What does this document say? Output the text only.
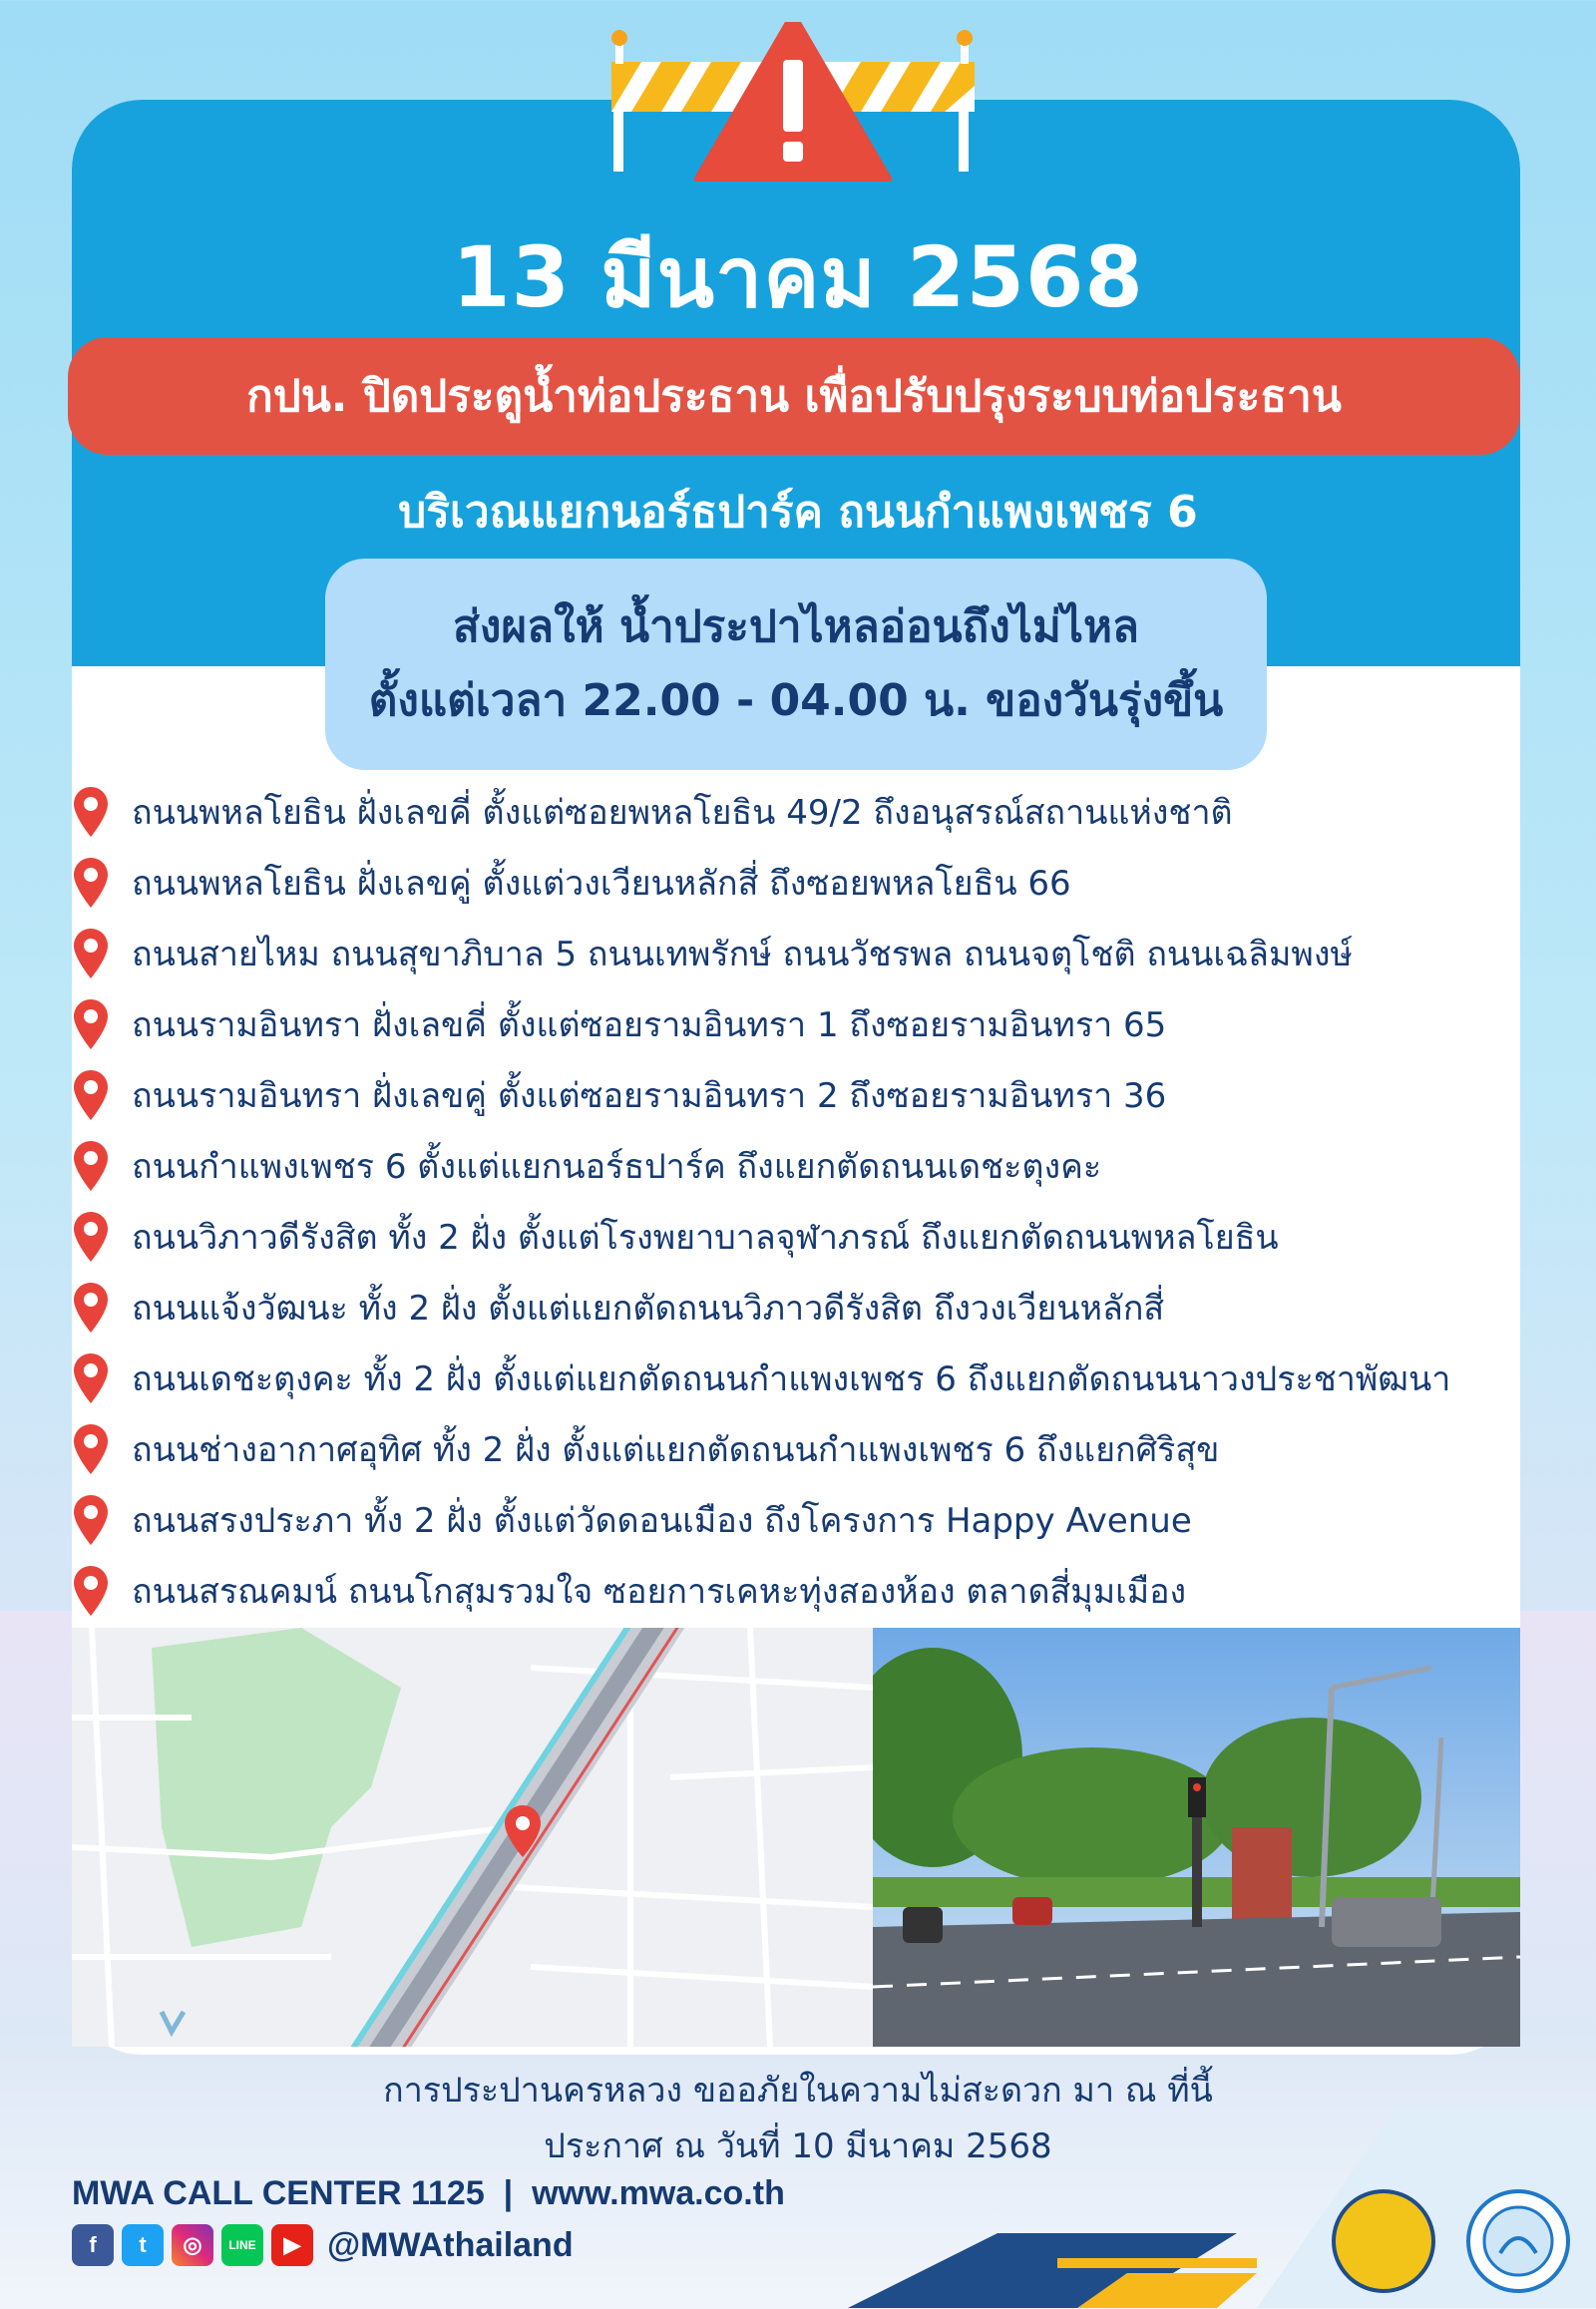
13 มีนาคม 2568
กปน. ปิดประตูน้ำท่อประธาน เพื่อปรับปรุงระบบท่อประธาน
บริเวณแยกนอร์ธปาร์ค ถนนกำแพงเพชร 6
ส่งผลให้ น้ำประปาไหลอ่อนถึงไม่ไหล
ตั้งแต่เวลา 22.00 - 04.00 น. ของวันรุ่งขึ้น
ถนนพหลโยธิน ฝั่งเลขคี่ ตั้งแต่ซอยพหลโยธิน 49/2 ถึงอนุสรณ์สถานแห่งชาติ
ถนนพหลโยธิน ฝั่งเลขคู่ ตั้งแต่วงเวียนหลักสี่ ถึงซอยพหลโยธิน 66
ถนนสายไหม ถนนสุขาภิบาล 5 ถนนเทพรักษ์ ถนนวัชรพล ถนนจตุโชติ ถนนเฉลิมพงษ์
ถนนรามอินทรา ฝั่งเลขคี่ ตั้งแต่ซอยรามอินทรา 1 ถึงซอยรามอินทรา 65
ถนนรามอินทรา ฝั่งเลขคู่ ตั้งแต่ซอยรามอินทรา 2 ถึงซอยรามอินทรา 36
ถนนกำแพงเพชร 6 ตั้งแต่แยกนอร์ธปาร์ค ถึงแยกตัดถนนเดชะตุงคะ
ถนนวิภาวดีรังสิต ทั้ง 2 ฝั่ง ตั้งแต่โรงพยาบาลจุฬาภรณ์ ถึงแยกตัดถนนพหลโยธิน
ถนนแจ้งวัฒนะ ทั้ง 2 ฝั่ง ตั้งแต่แยกตัดถนนวิภาวดีรังสิต ถึงวงเวียนหลักสี่
ถนนเดชะตุงคะ ทั้ง 2 ฝั่ง ตั้งแต่แยกตัดถนนกำแพงเพชร 6 ถึงแยกตัดถนนนาวงประชาพัฒนา
ถนนช่างอากาศอุทิศ ทั้ง 2 ฝั่ง ตั้งแต่แยกตัดถนนกำแพงเพชร 6 ถึงแยกศิริสุข
ถนนสรงประภา ทั้ง 2 ฝั่ง ตั้งแต่วัดดอนเมือง ถึงโครงการ Happy Avenue
ถนนสรณคมน์ ถนนโกสุมรวมใจ ซอยการเคหะทุ่งสองห้อง ตลาดสี่มุมเมือง
การประปานครหลวง ขออภัยในความไม่สะดวก มา ณ ที่นี้
ประกาศ ณ วันที่ 10 มีนาคม 2568
MWA CALL CENTER 1125  |  www.mwa.co.th
f	t	◎	LINE	▶ @MWAthailand
